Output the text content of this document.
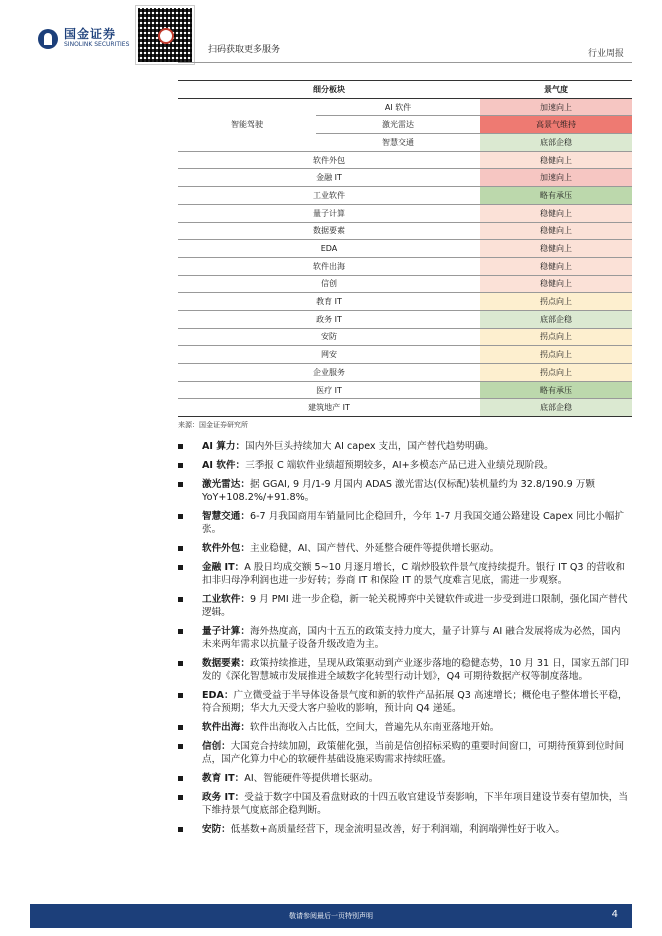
国金证券
SINOLINK SECURITIES
扫码获取更多服务	行业周报
细分板块		景气度
智能驾驶	AI 软件	加速向上
	激光雷达	高景气维持
	智慧交通	底部企稳
软件外包		稳健向上
金融 IT		加速向上
工业软件		略有承压
量子计算		稳健向上
数据要素		稳健向上
EDA		稳健向上
软件出海		稳健向上
信创		稳健向上
教育 IT		拐点向上
政务 IT		底部企稳
安防		拐点向上
网安		拐点向上
企业服务		拐点向上
医疗 IT		略有承压
建筑地产 IT		底部企稳
来源：国金证券研究所
AI 算力：国内外巨头持续加大 AI capex 支出，国产替代趋势明确。
AI 软件：三季报 C 端软件业绩超预期较多，AI+多模态产品已进入业绩兑现阶段。
激光雷达：据 GGAI, 9 月/1-9 月国内 ADAS 激光雷达(仅标配)装机量约为 32.8/190.9 万颗 YoY+108.2%/+91.8%。
智慧交通：6-7 月我国商用车销量同比企稳回升，今年 1-7 月我国交通公路建设 Capex 同比小幅扩张。
软件外包：主业稳健，AI、国产替代、外延整合硬件等提供增长驱动。
金融 IT：A 股日均成交额 5~10 月逐月增长，C 端炒股软件景气度持续提升。银行 IT Q3 的营收和扣非归母净利润也进一步好转；券商 IT 和保险 IT 的景气度难言见底，需进一步观察。
工业软件：9 月 PMI 进一步企稳，新一轮关税博弈中关键软件或进一步受到进口限制，强化国产替代逻辑。
量子计算：海外热度高，国内十五五的政策支持力度大，量子计算与 AI 融合发展将成为必然，国内未来两年需求以抗量子设备升级改造为主。
数据要素：政策持续推进，呈现从政策驱动到产业逐步落地的稳健态势，10 月 31 日，国家五部门印发的《深化智慧城市发展推进全域数字化转型行动计划》，Q4 可期待数据产权等制度落地。
EDA：广立微受益于半导体设备景气度和新的软件产品拓展 Q3 高速增长；概伦电子整体增长平稳，符合预期；华大九天受大客户验收的影响，预计向 Q4 递延。
软件出海：软件出海收入占比低，空间大，普遍先从东南亚落地开始。
信创：大国竞合持续加剧，政策催化强，当前是信创招标采购的重要时间窗口，可期待预算到位时间点，国产化算力中心的软硬件基础设施采购需求持续旺盛。
教育 IT：AI、智能硬件等提供增长驱动。
政务 IT：受益于数字中国及看盘财政的十四五收官建设节奏影响，下半年项目建设节奏有望加快，当下维持景气度底部企稳判断。
安防：低基数+高质量经营下，现金流明显改善，好于利润端，利润端弹性好于收入。
敬请参阅最后一页特别声明	4
